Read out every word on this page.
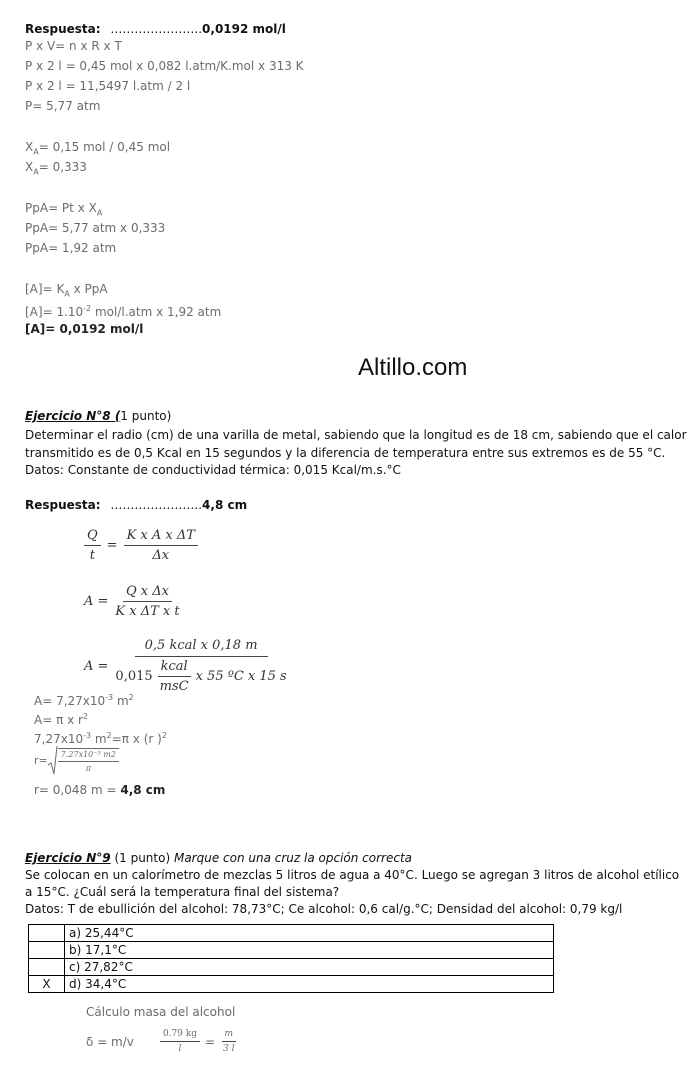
Respuesta: …………………..0,0192 mol/l
P x V= n x R x T
P x 2 l = 0,45 mol x 0,082 l.atm/K.mol x 313 K
P x 2 l = 11,5497 l.atm / 2 l
P= 5,77 atm
$X_A= 0,15$ mol / 0,45 mol
$X_A= 0,333$
PpA= Pt x $X_A$
PpA= 5,77 atm x 0,333
PpA= 1,92 atm
$[A]= K_A$ x PpA
$[A]= 1.10^{-2}$ mol/l.atm x 1,92 atm
[A]= 0,0192 mol/l
Altillo.com
Ejercicio N°8 (1 punto)
Determinar el radio (cm) de una varilla de metal, sabiendo que la longitud es de 18 cm, sabiendo que el calor
transmitido es de 0,5 Kcal en 15 segundos y la diferencia de temperatura entre sus extremos es de 55 °C.
Datos: Constante de conductividad térmica: 0,015 Kcal/m.s.°C
Respuesta: …………………..4,8 cm
$\frac{Q}{t} = \frac{\text{K x A x ΔT}}{\Delta x}$
$A = \frac{\text{Q x Δx}}{\text{K x ΔT x t}}$
$A = \frac{\text{0,5 kcal x 0,18 m}}{0,015 \frac{\text{kcal}}{\text{msC}} x 55 ºC x 15 s}$
$A= 7,27x10^{-3}$ $m^2$
A= π x $r^2$
$7,27x10^{-3}$ $m^2=\pi$ x (r )$^2$
$r= \frac{\text{7.27x10⁻³ m2}}{\pi}$
r= 0,048 m = 4,8 cm
Ejercicio N°9 (1 punto) Marque con una cruz la opción correcta
Se colocan en un calorímetro de mezclas 5 litros de agua a 40°C. Luego se agregan 3 litros de alcohol etílico
a 15°C. ¿Cuál será la temperatura final del sistema?
Datos: T de ebullición del alcohol: 78,73°C; Ce alcohol: 0,6 cal/g.°C; Densidad del alcohol: 0,79 kg/l
	a) 25,44°C
	b) 17,1°C
	c) 27,82°C
X	d) 34,4°C
Cálculo masa del alcohol
δ = m/v	$\frac{0.79 kg}{l} = \frac{m}{3 l}$
